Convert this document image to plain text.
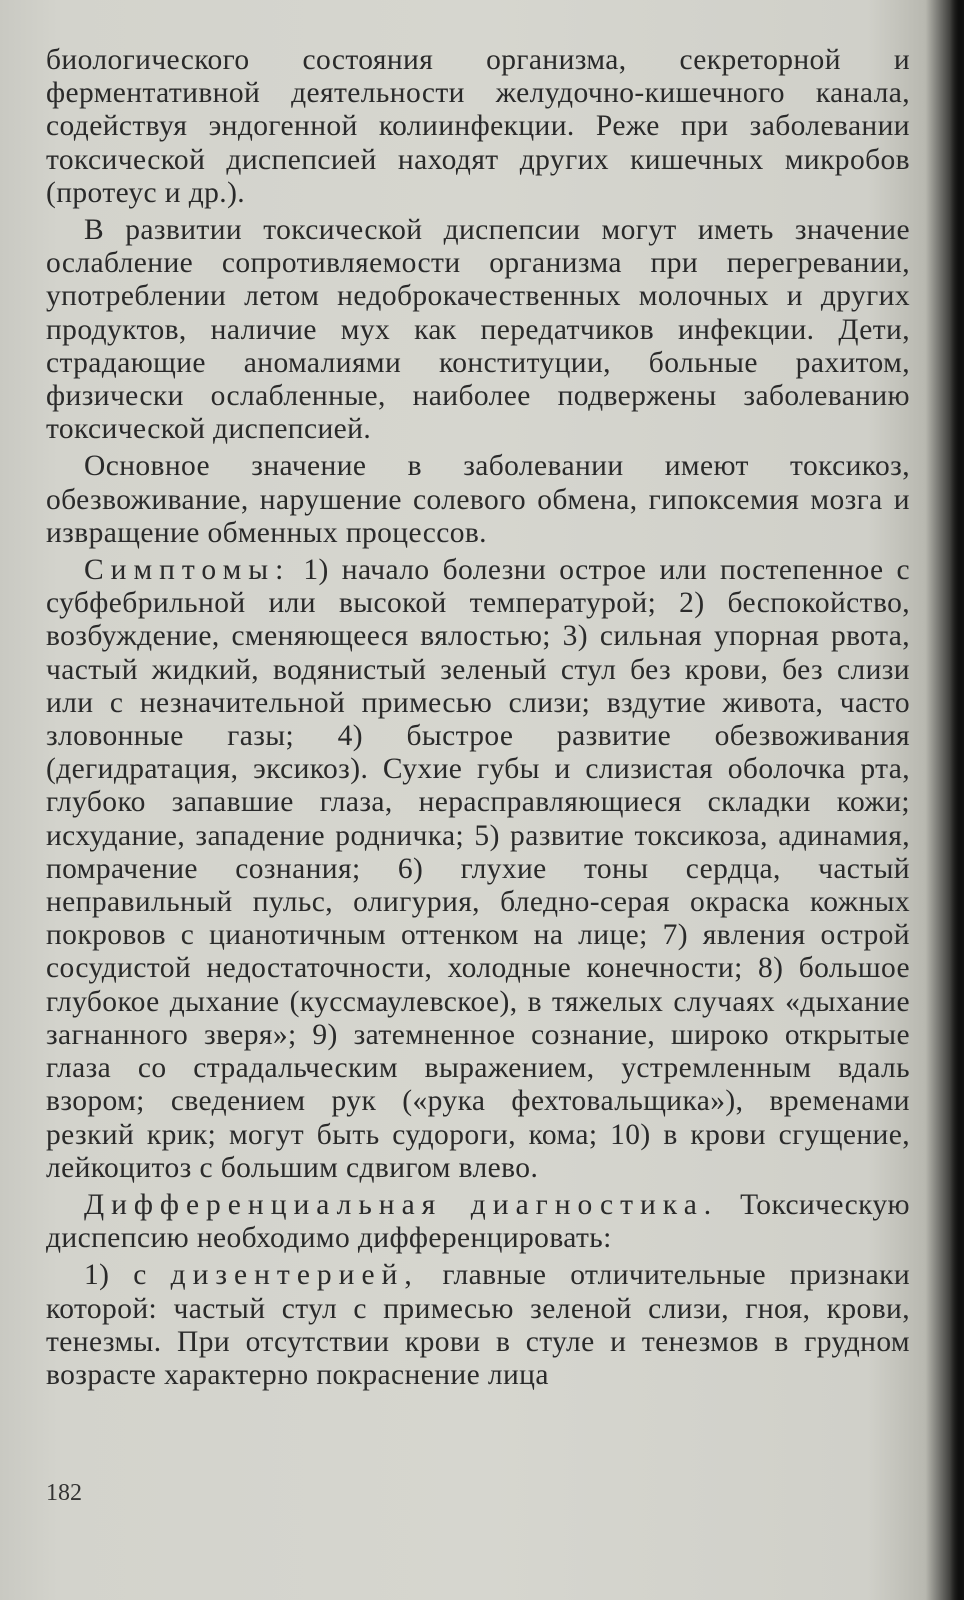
биологического состояния организма, секреторной и ферментативной деятельности желудочно-кишечного канала, содействуя эндогенной колиинфекции. Реже при заболевании токсической диспепсией находят других кишечных микробов (протеус и др.).

В развитии токсической диспепсии могут иметь значение ослабление сопротивляемости организма при перегревании, употреблении летом недоброкачественных молочных и других продуктов, наличие мух как передатчиков инфекции. Дети, страдающие аномалиями конституции, больные рахитом, физически ослабленные, наиболее подвержены заболеванию токсической диспепсией.

Основное значение в заболевании имеют токсикоз, обезвоживание, нарушение солевого обмена, гипоксемия мозга и извращение обменных процессов.

Симптомы: 1) начало болезни острое или постепенное с субфебрильной или высокой температурой; 2) беспокойство, возбуждение, сменяющееся вялостью; 3) сильная упорная рвота, частый жидкий, водянистый зеленый стул без крови, без слизи или с незначительной примесью слизи; вздутие живота, часто зловонные газы; 4) быстрое развитие обезвоживания (дегидратация, эксикоз). Сухие губы и слизистая оболочка рта, глубоко запавшие глаза, нерасправляющиеся складки кожи; исхудание, западение родничка; 5) развитие токсикоза, адинамия, помрачение сознания; 6) глухие тоны сердца, частый неправильный пульс, олигурия, бледно-серая окраска кожных покровов с цианотичным оттенком на лице; 7) явления острой сосудистой недостаточности, холодные конечности; 8) большое глубокое дыхание (куссмаулевское), в тяжелых случаях «дыхание загнанного зверя»; 9) затемненное сознание, широко открытые глаза со страдальческим выражением, устремленным вдаль взором; сведением рук («рука фехтовальщика»), временами резкий крик; могут быть судороги, кома; 10) в крови сгущение, лейкоцитоз с большим сдвигом влево.

Дифференциальная диагностика. Токсическую диспепсию необходимо дифференцировать:

1) с дизентерией, главные отличительные признаки которой: частый стул с примесью зеленой слизи, гноя, крови, тенезмы. При отсутствии крови в стуле и тенезмов в грудном возрасте характерно покраснение лица

182
